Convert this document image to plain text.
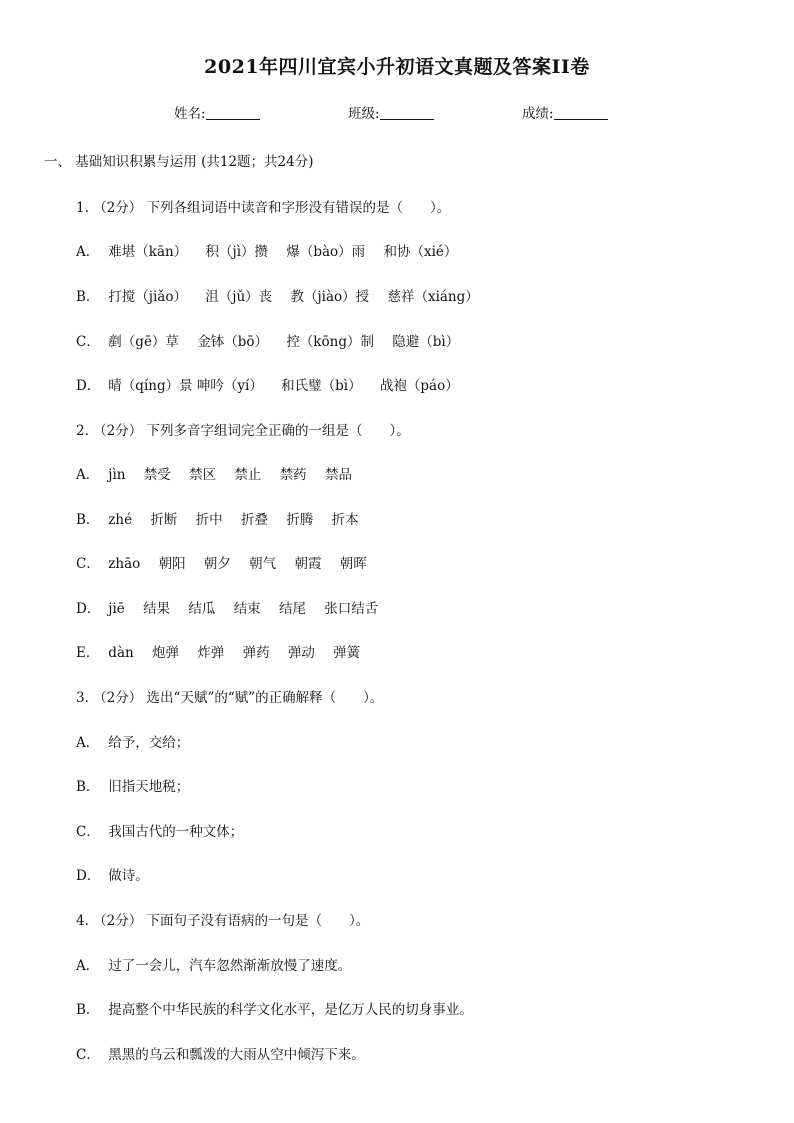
2021年四川宜宾小升初语文真题及答案II卷
姓名:	班级:	成绩:
一、 基础知识积累与运用 (共12题；共24分)
1. （2分） 下列各组词语中读音和字形没有错误的是（　　）。
A． 难堪（kān） 积（jì）攒 爆（bào）雨 和协（xié）
B． 打搅（jiǎo） 沮（jǔ）丧 教（jiào）授 慈祥（xiáng）
C． 剷（gē）草 金钵（bō） 控（kōng）制 隐避（bì）
D． 晴（qíng）景 呻吟（yí） 和氏璧（bì） 战袍（páo）
2. （2分） 下列多音字组词完全正确的一组是（　　）。
A． jìn 禁受 禁区 禁止 禁药 禁品
B． zhé 折断 折中 折叠 折腾 折本
C． zhāo 朝阳 朝夕 朝气 朝霞 朝晖
D． jiē 结果 结瓜 结束 结尾 张口结舌
E． dàn 炮弹 炸弹 弹药 弹动 弹簧
3. （2分） 选出“天赋”的“赋”的正确解释（　　）。
A． 给予，交给；
B． 旧指天地税；
C． 我国古代的一种文体；
D． 做诗。
4. （2分） 下面句子没有语病的一句是（　　）。
A． 过了一会儿，汽车忽然渐渐放慢了速度。
B． 提高整个中华民族的科学文化水平，是亿万人民的切身事业。
C． 黑黑的乌云和瓢泼的大雨从空中倾泻下来。
